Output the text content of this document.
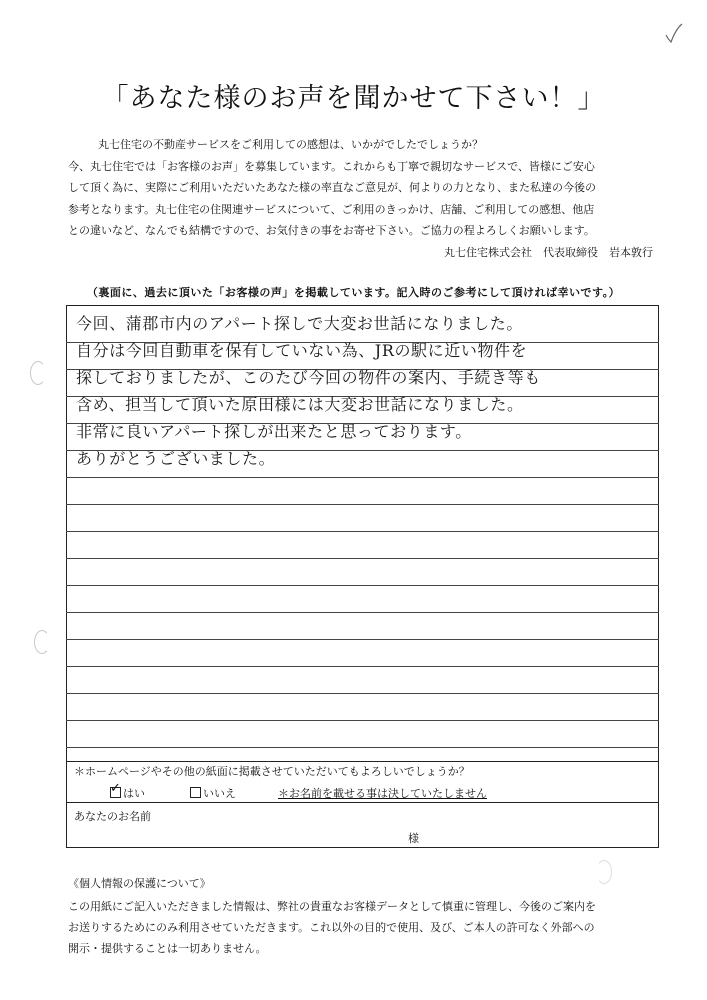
「あなた様のお声を聞かせて下さい！」

丸七住宅の不動産サービスをご利用しての感想は、いかがでしたでしょうか？

今、丸七住宅では「お客様のお声」を募集しています。これからも丁寧で親切なサービスで、皆様にご安心

して頂く為に、実際にご利用いただいたあなた様の率直なご意見が、何よりの力となり、また私達の今後の

参考となります。丸七住宅の住関連サービスについて、ご利用のきっかけ、店舗、ご利用しての感想、他店

との違いなど、なんでも結構ですので、お気付きの事をお寄せ下さい。ご協力の程よろしくお願いします。

丸七住宅株式会社　代表取締役　岩本敦行
（裏面に、過去に頂いた「お客様の声」を掲載しています。記入時のご参考にして頂ければ幸いです。）
今回、蒲郡市内のアパート探しで大変お世話になりました。
自分は今回自動車を保有していない為、JRの駅に近い物件を
探しておりましたが、このたび今回の物件の案内、手続き等も
含め、担当して頂いた原田様には大変お世話になりました。
非常に良いアパート探しが出来たと思っております。
ありがとうございました。
＊ホームページやその他の紙面に掲載させていただいてもよろしいでしょうか？
✓ はい	いいえ	＊お名前を載せる事は決していたしません
あなたのお名前
様
《個人情報の保護について》

この用紙にご記入いただきました情報は、弊社の貴重なお客様データとして慎重に管理し、今後のご案内を

お送りするためにのみ利用させていただきます。これ以外の目的で使用、及び、ご本人の許可なく外部への

開示・提供することは一切ありません。
